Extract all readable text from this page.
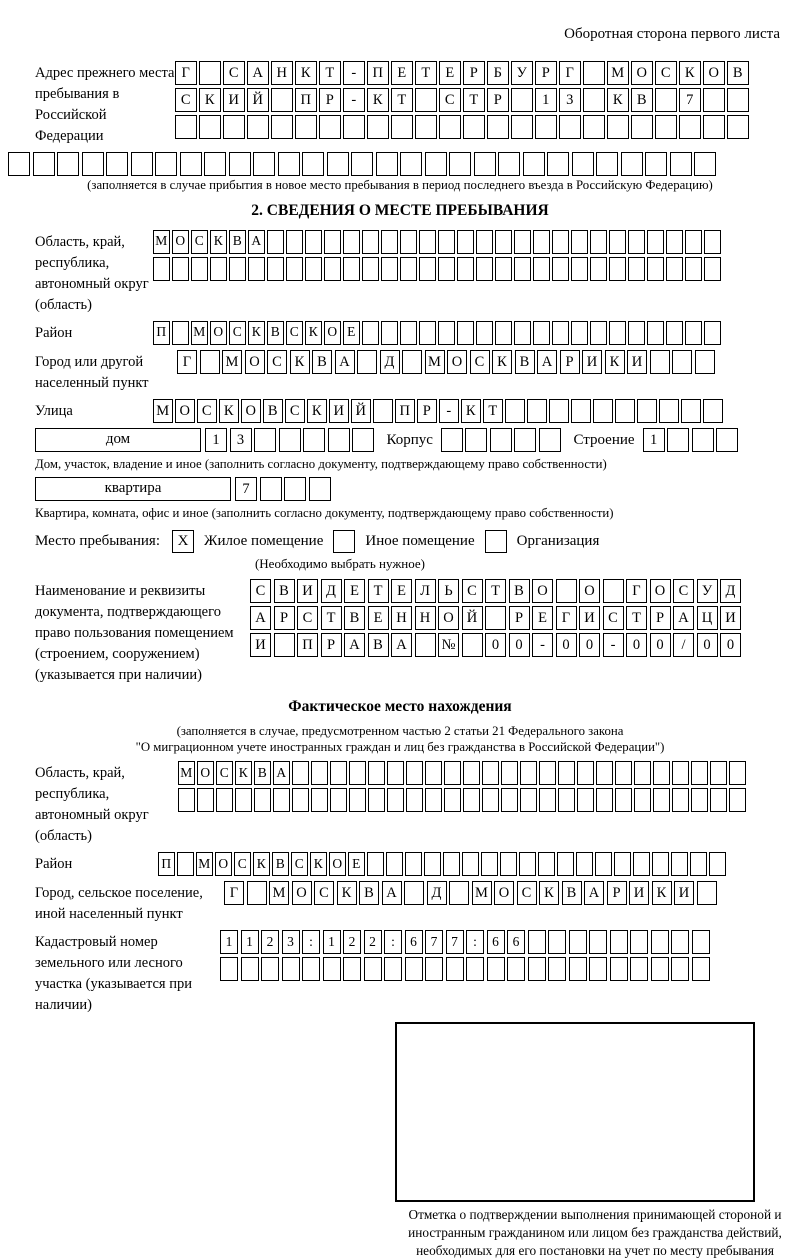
Оборотная сторона первого листа
Адрес прежнего места пребывания в Российской Федерации
Г	С А Н К	Т	-	П Е	Т	Е	Р	Б	У	Р	Г	М О С К О В
С К И Й	П	Р	-	К	Т	С	Т	Р	1	3	К В	7
(заполняется в случае прибытия в новое место пребывания в период последнего въезда в Российскую Федерацию)
2. СВЕДЕНИЯ О МЕСТЕ ПРЕБЫВАНИЯ
Область, край, республика, автономный округ (область)
М О С К В А
Район	П М О С К В С К О Е
Город или другой населенный пункт
Г	М О С К В А	Д	М О С К В А Р И К И
Улица	М О С К О В С К И Й	П Р	-	К Т
дом	1	3	Корпус	Строение	1
Дом, участок, владение и иное (заполнить согласно документу, подтверждающему право собственности)
квартира	7
Квартира, комната, офис и иное (заполнить согласно документу, подтверждающему право собственности)
Место пребывания:	X	Жилое помещение	Иное помещение	Организация
(Необходимо выбрать нужное)
Наименование и реквизиты документа, подтверждающего право пользования помещением (строением, сооружением) (указывается при наличии)
С В И Д Е	Т	Е Л Ь	С Т В О	О	Г О С У Д
А Р	С Т В Е Н Н О Й	Р	Е	Г И С Т	Р А Ц И
И	П Р А В А	№	0	0	-	0	0	-	0	0	/	0	0
Фактическое место нахождения
(заполняется в случае, предусмотренном частью 2 статьи 21 Федерального закона
"О миграционном учете иностранных граждан и лиц без гражданства в Российской Федерации")
Область, край, республика, автономный округ (область)
М О С К В А
Район	П М О С К В С К О Е
Город, сельское поселение, иной населенный пункт
Г	М О С К В А	Д	М О С К В А Р И К И
Кадастровый номер земельного или лесного участка (указывается при наличии)
1	1	2	3	:	1	2	2	:	6	7	7	:	6	6
Отметка о подтверждении выполнения принимающей стороной и иностранным гражданином или лицом без гражданства действий, необходимых для его постановки на учет по месту пребывания
